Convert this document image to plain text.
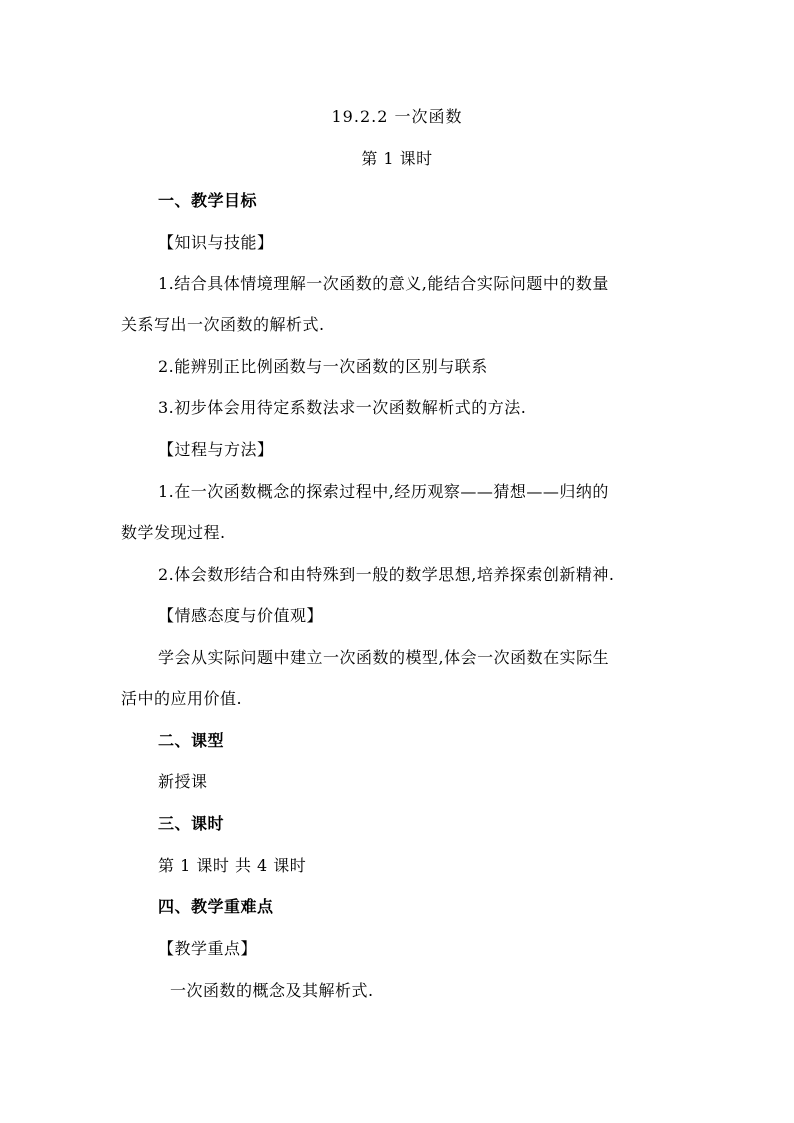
19.2.2 一次函数
第 1 课时
一、教学目标
【知识与技能】
1.结合具体情境理解一次函数的意义,能结合实际问题中的数量
关系写出一次函数的解析式.
2.能辨别正比例函数与一次函数的区别与联系
3.初步体会用待定系数法求一次函数解析式的方法.
【过程与方法】
1.在一次函数概念的探索过程中,经历观察——猜想——归纳的
数学发现过程.
2.体会数形结合和由特殊到一般的数学思想,培养探索创新精神.
【情感态度与价值观】
学会从实际问题中建立一次函数的模型,体会一次函数在实际生
活中的应用价值.
二、课型
新授课
三、课时
第 1 课时 共 4 课时
四、教学重难点
【教学重点】
一次函数的概念及其解析式.
